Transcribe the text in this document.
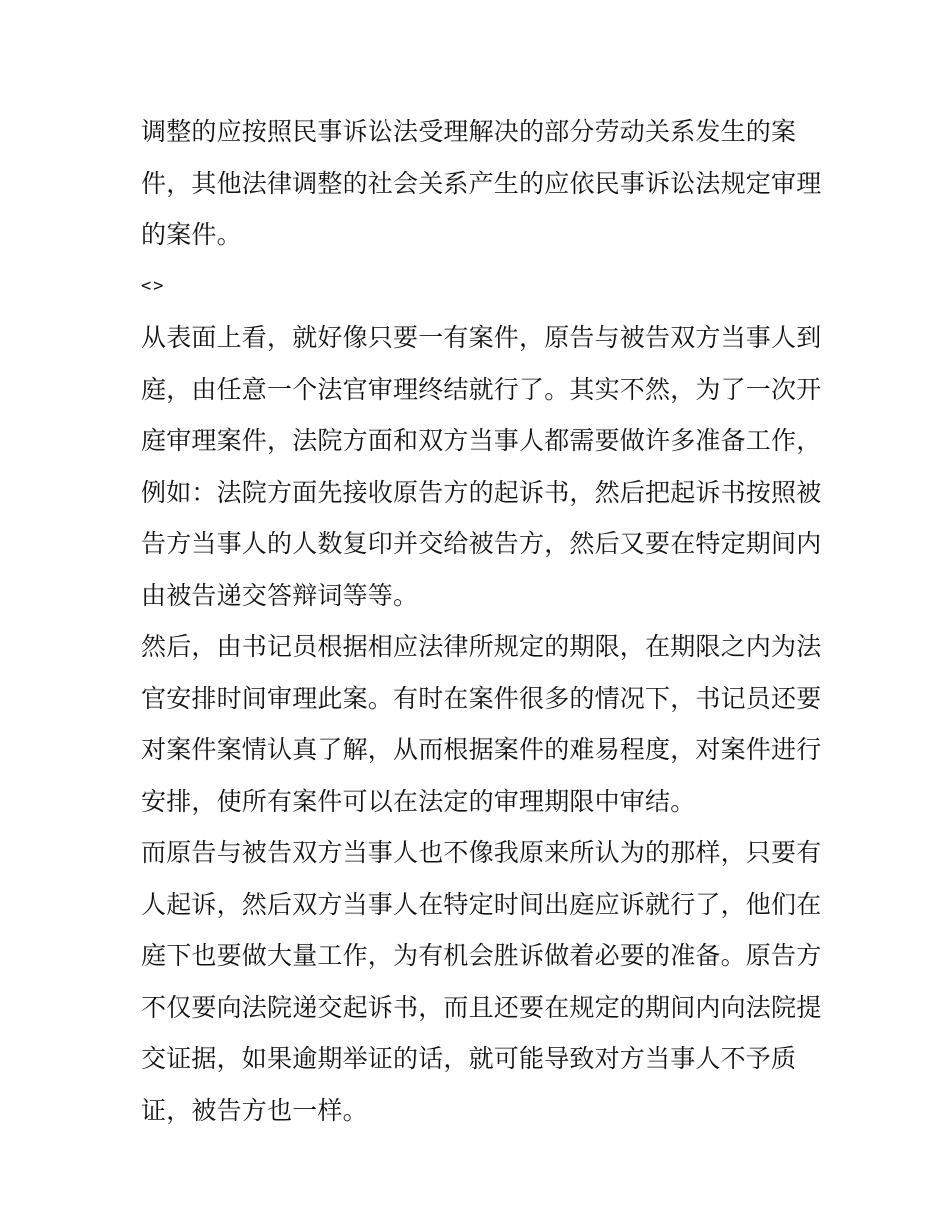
调整的应按照民事诉讼法受理解决的部分劳动关系发生的案
件，其他法律调整的社会关系产生的应依民事诉讼法规定审理
的案件。
<>
从表面上看，就好像只要一有案件，原告与被告双方当事人到
庭，由任意一个法官审理终结就行了。其实不然，为了一次开
庭审理案件，法院方面和双方当事人都需要做许多准备工作，
例如：法院方面先接收原告方的起诉书，然后把起诉书按照被
告方当事人的人数复印并交给被告方，然后又要在特定期间内
由被告递交答辩词等等。
然后，由书记员根据相应法律所规定的期限，在期限之内为法
官安排时间审理此案。有时在案件很多的情况下，书记员还要
对案件案情认真了解，从而根据案件的难易程度，对案件进行
安排，使所有案件可以在法定的审理期限中审结。
而原告与被告双方当事人也不像我原来所认为的那样，只要有
人起诉，然后双方当事人在特定时间出庭应诉就行了，他们在
庭下也要做大量工作，为有机会胜诉做着必要的准备。原告方
不仅要向法院递交起诉书，而且还要在规定的期间内向法院提
交证据，如果逾期举证的话，就可能导致对方当事人不予质
证，被告方也一样。
